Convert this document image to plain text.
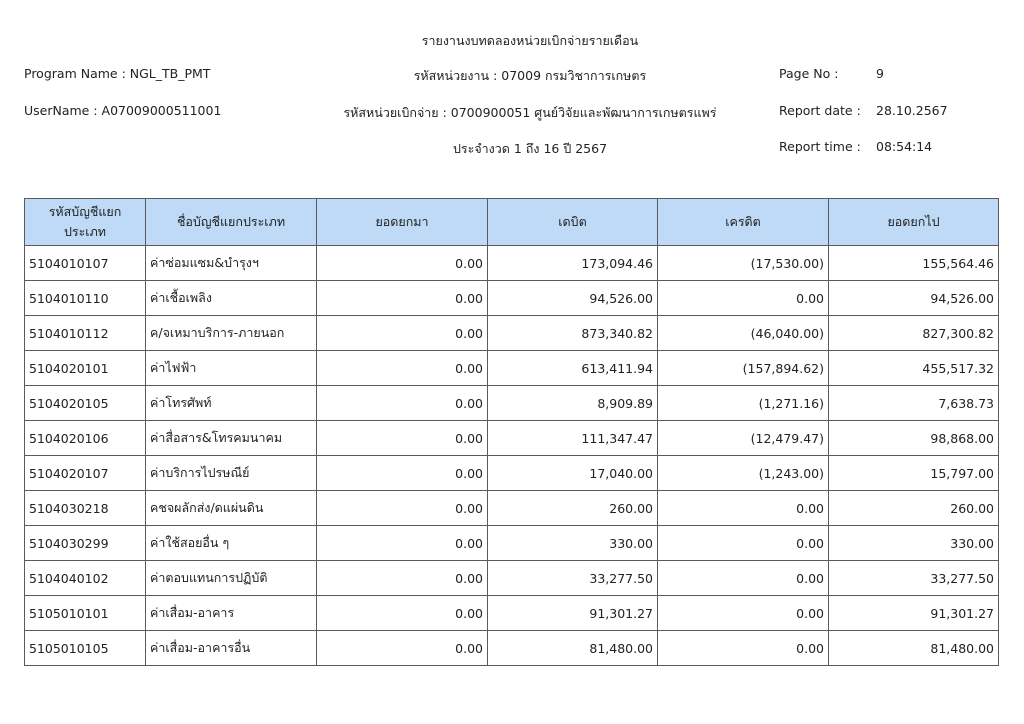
รายงานงบทดลองหน่วยเบิกจ่ายรายเดือน
Program Name : NGL_TB_PMT
UserName : A07009000511001
รหัสหน่วยงาน : 07009 กรมวิชาการเกษตร
รหัสหน่วยเบิกจ่าย : 0700900051 ศูนย์วิจัยและพัฒนาการเกษตรแพร่
ประจำงวด 1 ถึง 16 ปี 2567
Page No :	9
Report date : 28.10.2567
Report time : 08:54:14
รหัสบัญชีแยกประเภท	ชื่อบัญชีแยกประเภท	ยอดยกมา	เดบิต	เครดิต	ยอดยกไป
5104010107	ค่าซ่อมแซม&บำรุงฯ	0.00	173,094.46	(17,530.00)	155,564.46
5104010110	ค่าเชื้อเพลิง	0.00	94,526.00	0.00	94,526.00
5104010112	ค/จเหมาบริการ-ภายนอก	0.00	873,340.82	(46,040.00)	827,300.82
5104020101	ค่าไฟฟ้า	0.00	613,411.94	(157,894.62)	455,517.32
5104020105	ค่าโทรศัพท์	0.00	8,909.89	(1,271.16)	7,638.73
5104020106	ค่าสื่อสาร&โทรคมนาคม	0.00	111,347.47	(12,479.47)	98,868.00
5104020107	ค่าบริการไปรษณีย์	0.00	17,040.00	(1,243.00)	15,797.00
5104030218	คชจผลักส่ง/ดแผ่นดิน	0.00	260.00	0.00	260.00
5104030299	ค่าใช้สอยอื่น ๆ	0.00	330.00	0.00	330.00
5104040102	ค่าตอบแทนการปฏิบัติ	0.00	33,277.50	0.00	33,277.50
5105010101	ค่าเสื่อม-อาคาร	0.00	91,301.27	0.00	91,301.27
5105010105	ค่าเสื่อม-อาคารอื่น	0.00	81,480.00	0.00	81,480.00
